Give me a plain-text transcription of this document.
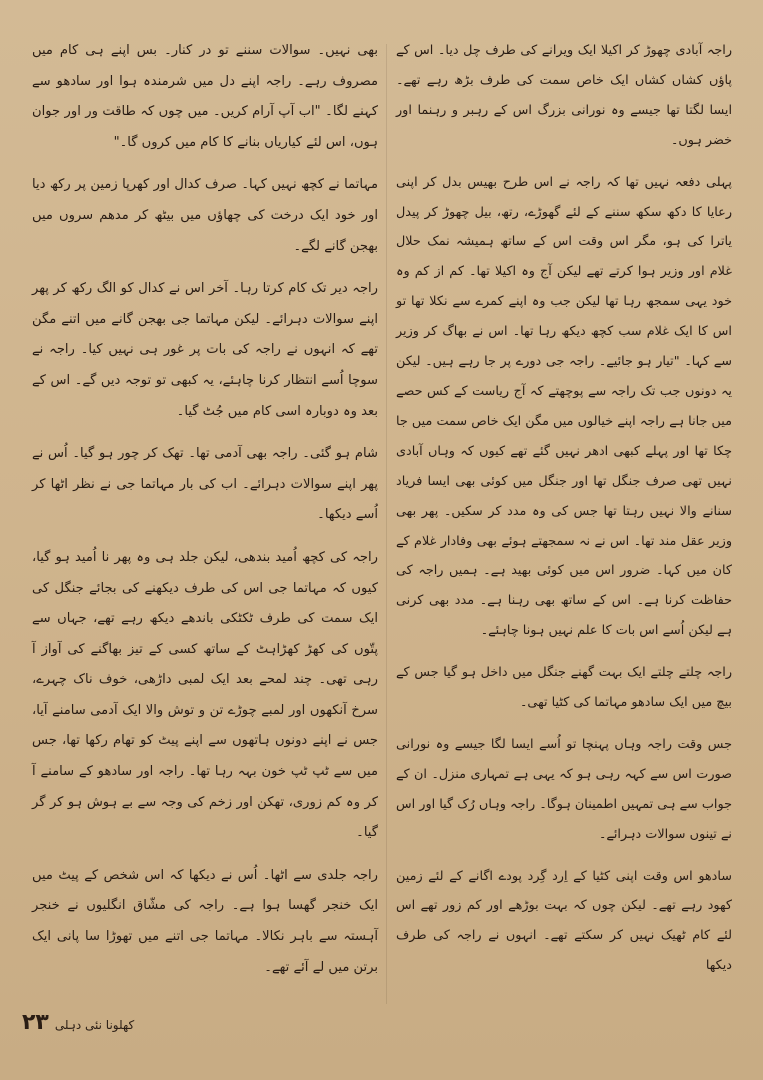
راجہ آبادی چھوڑ کر اکیلا ایک ویرانے کی طرف چل دیا۔ اس کے پاؤں کشاں کشاں ایک خاص سمت کی طرف بڑھ رہے تھے۔ ایسا لگتا تھا جیسے وہ نورانی بزرگ اس کے رہبر و رہنما اور خضر ہوں۔

پہلی دفعہ نہیں تھا کہ راجہ نے اس طرح بھیس بدل کر اپنی رعایا کا دکھ سکھ سننے کے لئے گھوڑے، رتھ، بیل چھوڑ کر پیدل یاترا کی ہو، مگر اس وقت اس کے ساتھ ہمیشہ نمک حلال غلام اور وزیر ہوا کرتے تھے لیکن آج وہ اکیلا تھا۔ کم از کم وہ خود یہی سمجھ رہا تھا لیکن جب وہ اپنے کمرے سے نکلا تھا تو اس کا ایک غلام سب کچھ دیکھ رہا تھا۔ اس نے بھاگ کر وزیر سے کہا۔ "تیار ہو جائیے۔ راجہ جی دورے پر جا رہے ہیں۔ لیکن یہ دونوں جب تک راجہ سے پوچھتے کہ آج ریاست کے کس حصے میں جانا ہے راجہ اپنے خیالوں میں مگن ایک خاص سمت میں جا چکا تھا اور پہلے کبھی ادھر نہیں گئے تھے کیوں کہ وہاں آبادی نہیں تھی صرف جنگل تھا اور جنگل میں کوئی بھی ایسا فریاد سنانے والا نہیں رہتا تھا جس کی وہ مدد کر سکیں۔ پھر بھی وزیر عقل مند تھا۔ اس نے نہ سمجھتے ہوئے بھی وفادار غلام کے کان میں کہا۔ ضرور اس میں کوئی بھید ہے۔ ہمیں راجہ کی حفاظت کرنا ہے۔ اس کے ساتھ بھی رہنا ہے۔ مدد بھی کرنی ہے لیکن اُسے اس بات کا علم نہیں ہونا چاہئے۔

راجہ چلتے چلتے ایک بہت گھنے جنگل میں داخل ہو گیا جس کے بیچ میں ایک سادھو مہاتما کی کٹیا تھی۔

جس وقت راجہ وہاں پہنچا تو اُسے ایسا لگا جیسے وہ نورانی صورت اس سے کہہ رہی ہو کہ یہی ہے تمہاری منزل۔ ان کے جواب سے ہی تمہیں اطمینان ہوگا۔ راجہ وہاں رُک گیا اور اس نے تینوں سوالات دہرائے۔

سادھو اس وقت اپنی کٹیا کے اِرد گِرد پودے اگانے کے لئے زمین کھود رہے تھے۔ لیکن چوں کہ بہت بوڑھے اور کم زور تھے اس لئے کام ٹھیک نہیں کر سکتے تھے۔ انہوں نے راجہ کی طرف دیکھا

بھی نہیں۔ سوالات سننے تو در کنار۔ بس اپنے ہی کام میں مصروف رہے۔ راجہ اپنے دل میں شرمندہ ہوا اور سادھو سے کہنے لگا۔ "اب آپ آرام کریں۔ میں چوں کہ طاقت ور اور جوان ہوں، اس لئے کیاریاں بنانے کا کام میں کروں گا۔"

مہاتما نے کچھ نہیں کہا۔ صرف کدال اور کھرپا زمین پر رکھ دیا اور خود ایک درخت کی چھاؤں میں بیٹھ کر مدھم سروں میں بھجن گانے لگے۔

راجہ دیر تک کام کرتا رہا۔ آخر اس نے کدال کو الگ رکھ کر پھر اپنے سوالات دہرائے۔ لیکن مہاتما جی بھجن گانے میں اتنے مگن تھے کہ انہوں نے راجہ کی بات پر غور ہی نہیں کیا۔ راجہ نے سوچا اُسے انتظار کرنا چاہئے، یہ کبھی تو توجہ دیں گے۔ اس کے بعد وہ دوبارہ اسی کام میں جُٹ گیا۔

شام ہو گئی۔ راجہ بھی آدمی تھا۔ تھک کر چور ہو گیا۔ اُس نے پھر اپنے سوالات دہرائے۔ اب کی بار مہاتما جی نے نظر اٹھا کر اُسے دیکھا۔

راجہ کی کچھ اُمید بندھی، لیکن جلد ہی وہ پھر نا اُمید ہو گیا، کیوں کہ مہاتما جی اس کی طرف دیکھنے کی بجائے جنگل کی ایک سمت کی طرف ٹکٹکی باندھے دیکھ رہے تھے، جہاں سے پتّوں کی کھڑ کھڑاہٹ کے ساتھ کسی کے تیز بھاگنے کی آواز آ رہی تھی۔ چند لمحے بعد ایک لمبی داڑھی، خوف ناک چہرے، سرخ آنکھوں اور لمبے چوڑے تن و توش والا ایک آدمی سامنے آیا، جس نے اپنے دونوں ہاتھوں سے اپنے پیٹ کو تھام رکھا تھا، جس میں سے ٹپ ٹپ خون بہہ رہا تھا۔ راجہ اور سادھو کے سامنے آ کر وہ کم زوری، تھکن اور زخم کی وجہ سے بے ہوش ہو کر گر گیا۔

راجہ جلدی سے اٹھا۔ اُس نے دیکھا کہ اس شخص کے پیٹ میں ایک خنجر گھسا ہوا ہے۔ راجہ کی مشّاق انگلیوں نے خنجر آہستہ سے باہر نکالا۔ مہاتما جی اتنے میں تھوڑا سا پانی ایک برتن میں لے آئے تھے۔

۲۳ کھلونا نئی دہلی
